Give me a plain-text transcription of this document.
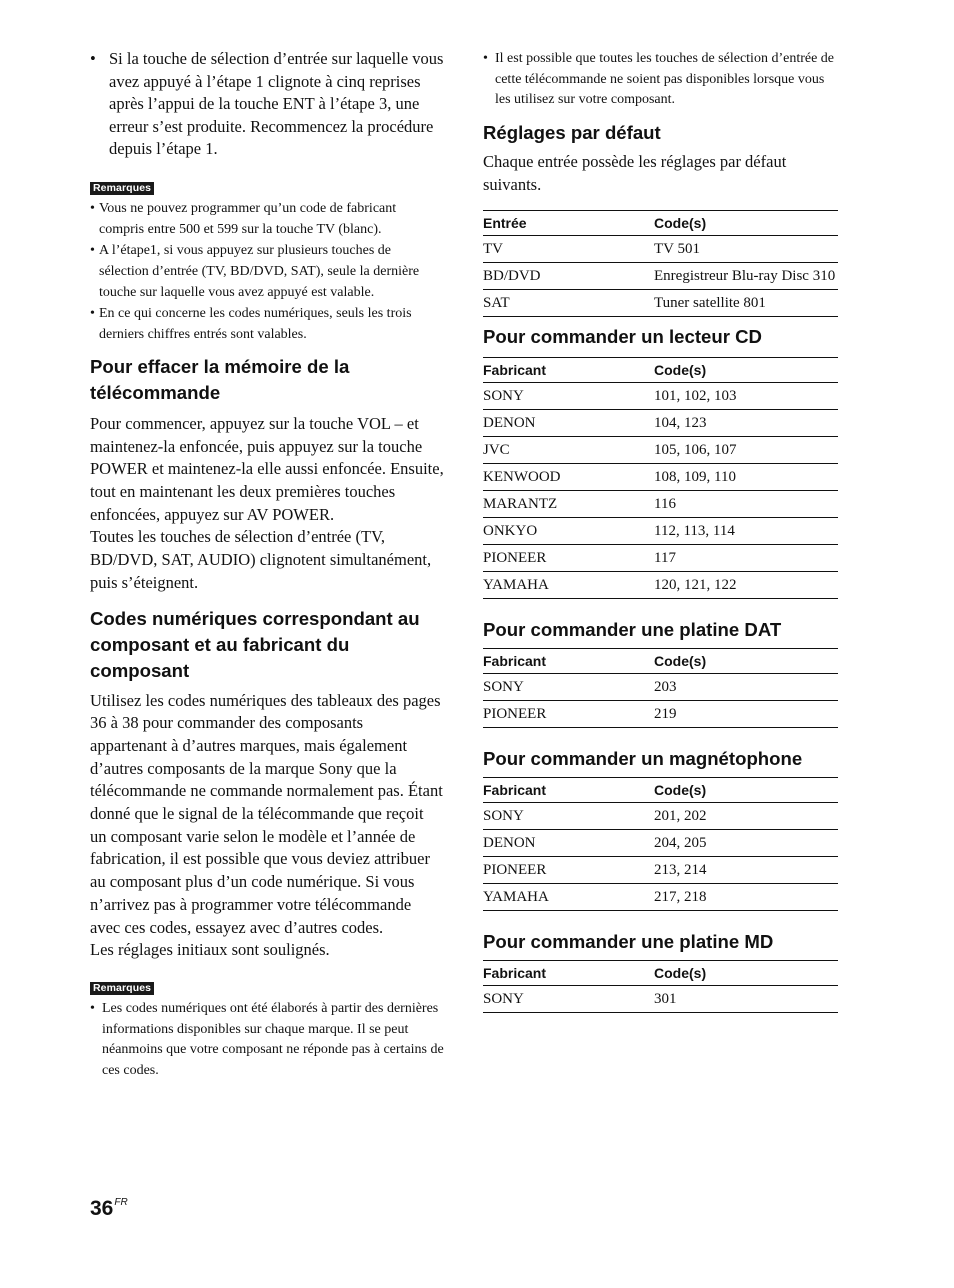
• Si la touche de sélection d’entrée sur laquelle vous avez appuyé à l’étape 1 clignote à cinq reprises après l’appui de la touche ENT à l’étape 3, une erreur s’est produite. Recommencez la procédure depuis l’étape 1.
Remarques
• Vous ne pouvez programmer qu’un code de fabricant compris entre 500 et 599 sur la touche TV (blanc).
• A l’étape1, si vous appuyez sur plusieurs touches de sélection d’entrée (TV, BD/DVD, SAT), seule la dernière touche sur laquelle vous avez appuyé est valable.
• En ce qui concerne les codes numériques, seuls les trois derniers chiffres entrés sont valables.
Pour effacer la mémoire de la télécommande

Pour commencer, appuyez sur la touche VOL – et maintenez-la enfoncée, puis appuyez sur la touche POWER et maintenez-la elle aussi enfoncée. Ensuite, tout en maintenant les deux premières touches enfoncées, appuyez sur AV POWER.

Toutes les touches de sélection d’entrée (TV, BD/DVD, SAT, AUDIO) clignotent simultanément, puis s’éteignent.

Codes numériques correspondant au composant et au fabricant du composant

Utilisez les codes numériques des tableaux des pages 36 à 38 pour commander des composants appartenant à d’autres marques, mais également d’autres composants de la marque Sony que la télécommande ne commande normalement pas. Étant donné que le signal de la télécommande que reçoit un composant varie selon le modèle et l’année de fabrication, il est possible que vous deviez attribuer au composant plus d’un code numérique. Si vous n’arrivez pas à programmer votre télécommande avec ces codes, essayez avec d’autres codes.

Les réglages initiaux sont soulignés.

Remarques
• Les codes numériques ont été élaborés à partir des dernières informations disponibles sur chaque marque. Il se peut néanmoins que votre composant ne réponde pas à certains de ces codes.
• Il est possible que toutes les touches de sélection d’entrée de cette télécommande ne soient pas disponibles lorsque vous les utilisez sur votre composant.
Réglages par défaut

Chaque entrée possède les réglages par défaut suivants.

Entrée	Code(s)
TV	TV 501
BD/DVD	Enregistreur Blu-ray Disc 310
SAT	Tuner satellite 801
Pour commander un lecteur CD
Fabricant	Code(s)
SONY	101, 102, 103
DENON	104, 123
JVC	105, 106, 107
KENWOOD	108, 109, 110
MARANTZ	116
ONKYO	112, 113, 114
PIONEER	117
YAMAHA	120, 121, 122
Pour commander une platine DAT
Fabricant	Code(s)
SONY	203
PIONEER	219
Pour commander un magnétophone
Fabricant	Code(s)
SONY	201, 202
DENON	204, 205
PIONEER	213, 214
YAMAHA	217, 218
Pour commander une platine MD
Fabricant	Code(s)
SONY	301
$36^{FR}$
